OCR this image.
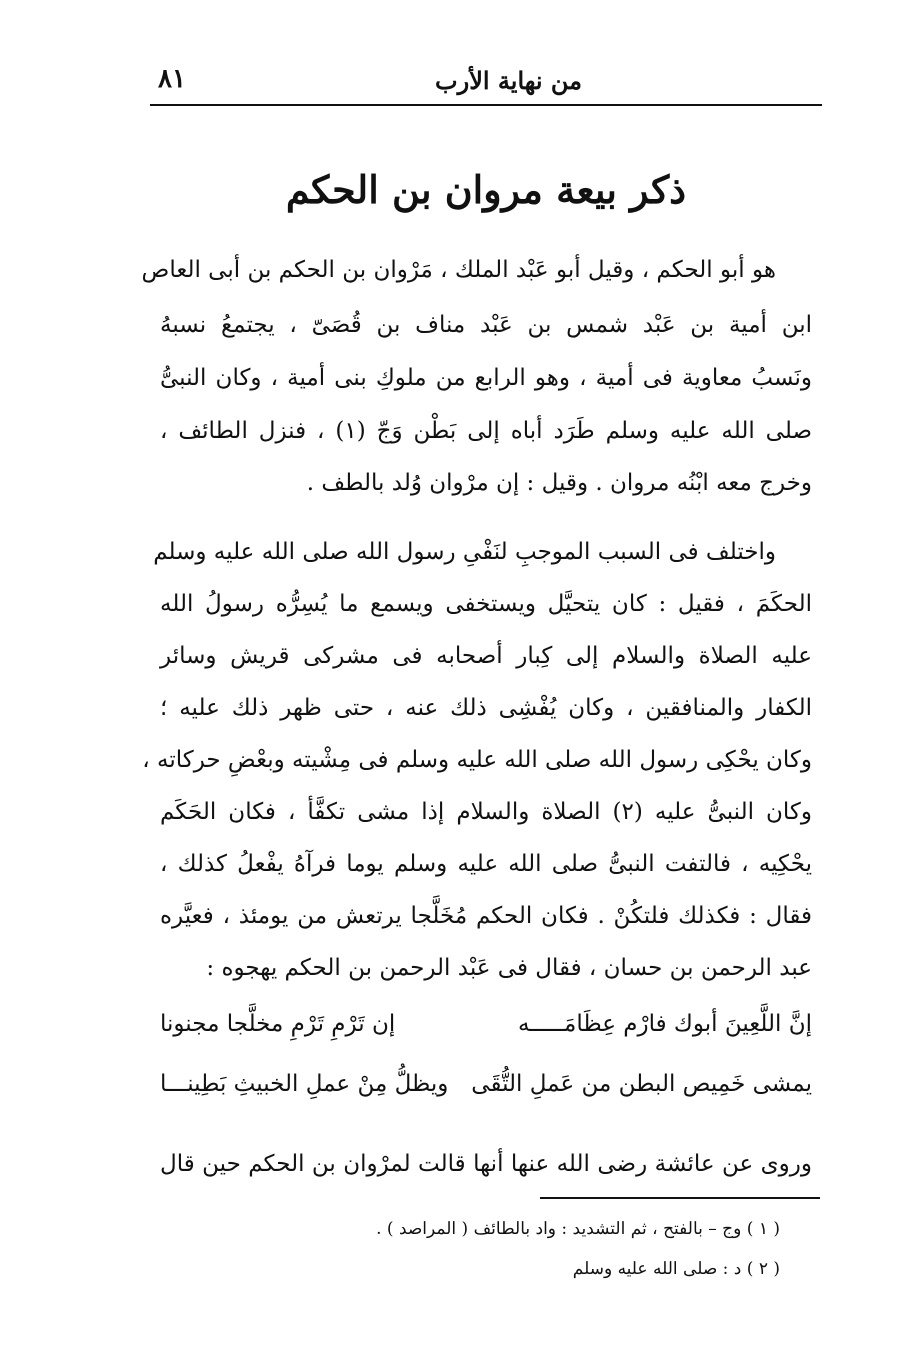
من نهاية الأرب
٨١
ذكر بيعة مروان بن الحكم
هو أبو الحكم ، وقيل أبو عَبْد الملك ، مَرْوان بن الحكم بن أبى العاص
ابن أمية بن عَبْد شمس بن عَبْد مناف بن قُصَىّ ، يجتمعُ نسبهُ
ونَسبُ معاوية فى أمية ، وهو الرابع من ملوكِ بنى أمية ، وكان النبىُّ
صلى الله عليه وسلم طَرَد أباه إلى بَطْن وَجّ (١) ، فنزل الطائف ،
وخرج معه ابْنُه مروان . وقيل : إن مرْوان وُلد بالطف .
واختلف فى السبب الموجبِ لنَفْىِ رسول الله صلى الله عليه وسلم
الحكَمَ ، فقيل : كان يتحيَّل ويستخفى ويسمع ما يُسِرُّه رسولُ الله
عليه الصلاة والسلام إلى كِبار أصحابه فى مشركى قريش وسائر
الكفار والمنافقين ، وكان يُفْشِى ذلك عنه ، حتى ظهر ذلك عليه ؛
وكان يحْكِى رسول الله صلى الله عليه وسلم فى مِشْيته وبعْضِ حركاته ،
وكان النبىُّ عليه (٢) الصلاة والسلام إذا مشى تكفَّأ ، فكان الحَكَم
يحْكِيه ، فالتفت النبىُّ صلى الله عليه وسلم يوما فرآهُ يفْعلُ كذلك ،
فقال : فكذلك فلتكُنْ . فكان الحكم مُخَلَّجا يرتعش من يومئذ ، فعيَّره
عبد الرحمن بن حسان ، فقال فى عَبْد الرحمن بن الحكم يهجوه :
إنَّ اللَّعِينَ أبوك فارْم عِظَامَـــــه
إن تَرْمِ تَرْمِ مخلَّجا مجنونا
يمشى خَمِيص البطن من عَملِ التُّقَى
ويظلُّ مِنْ عملِ الخبيثِ بَطِينـــا
وروى عن عائشة رضى الله عنها أنها قالت لمرْوان بن الحكم حين قال
( ١ ) وج – بالفتح ، ثم التشديد : واد بالطائف ( المراصد ) .
( ٢ ) د : صلى الله عليه وسلم
